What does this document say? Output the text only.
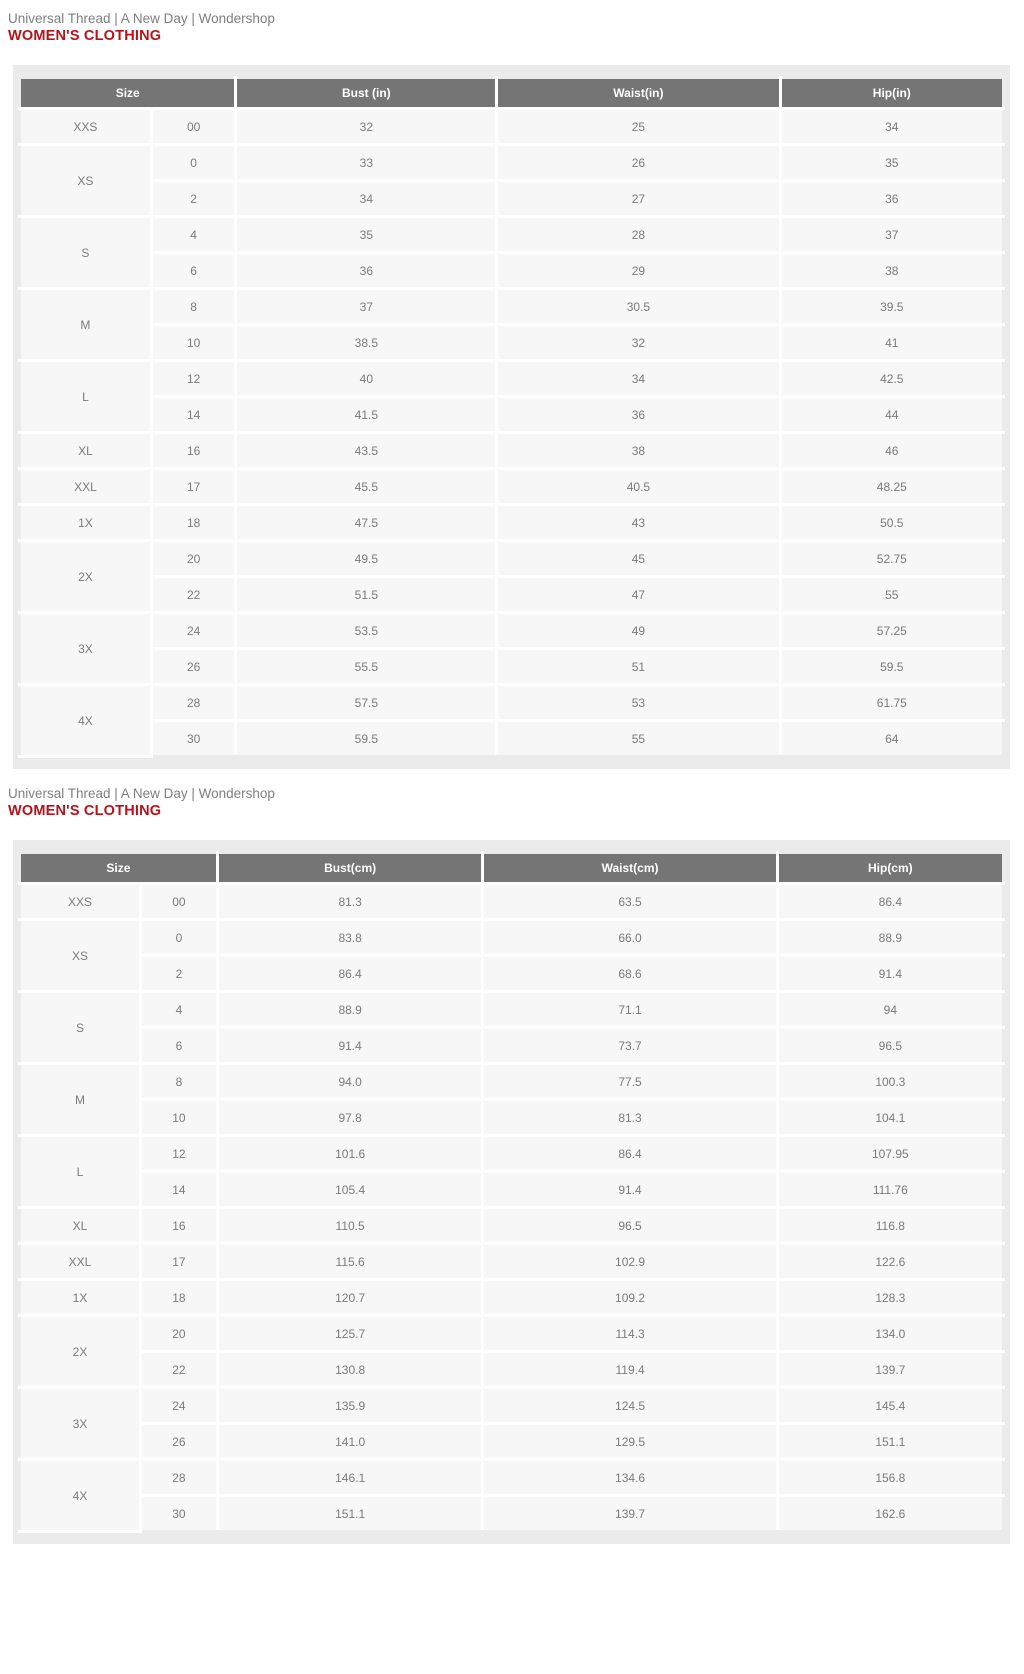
Universal Thread | A New Day | Wondershop
WOMEN'S CLOTHING
Size		Bust (in)	Waist(in)	Hip(in)
XXS	00	32	25	34
XS	0	33	26	35
	2	34	27	36
S	4	35	28	37
	6	36	29	38
M	8	37	30.5	39.5
	10	38.5	32	41
L	12	40	34	42.5
	14	41.5	36	44
XL	16	43.5	38	46
XXL	17	45.5	40.5	48.25
1X	18	47.5	43	50.5
2X	20	49.5	45	52.75
	22	51.5	47	55
3X	24	53.5	49	57.25
	26	55.5	51	59.5
4X	28	57.5	53	61.75
	30	59.5	55	64
Universal Thread | A New Day | Wondershop
WOMEN'S CLOTHING
Size		Bust(cm)	Waist(cm)	Hip(cm)
XXS	00	81.3	63.5	86.4
XS	0	83.8	66.0	88.9
	2	86.4	68.6	91.4
S	4	88.9	71.1	94
	6	91.4	73.7	96.5
M	8	94.0	77.5	100.3
	10	97.8	81.3	104.1
L	12	101.6	86.4	107.95
	14	105.4	91.4	111.76
XL	16	110.5	96.5	116.8
XXL	17	115.6	102.9	122.6
1X	18	120.7	109.2	128.3
2X	20	125.7	114.3	134.0
	22	130.8	119.4	139.7
3X	24	135.9	124.5	145.4
	26	141.0	129.5	151.1
4X	28	146.1	134.6	156.8
	30	151.1	139.7	162.6
